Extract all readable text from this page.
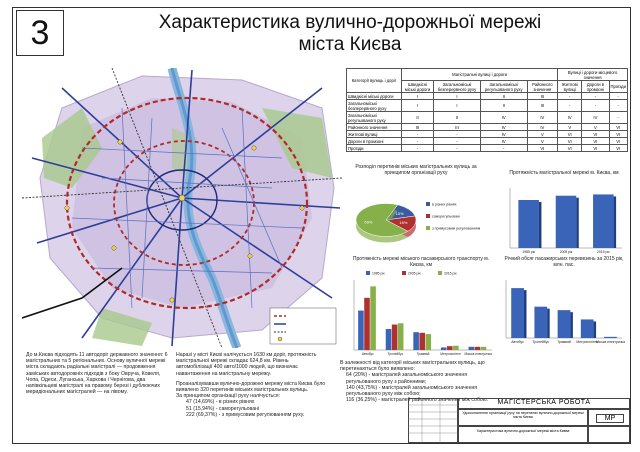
3	Характеристика вулично-дорожньої мережі
міста Києва
Категорії вулиць і доріг	Магістральні вулиці і дороги				Вулиці і дороги місцевого значення		
	Швидкісні міські дороги	Загальноміські безперервного руху	Загальноміські регульованого руху	Районного значення	Житлові вулиці	Дороги в промзоні	Проїзди
Швидкісні міські дороги	I	I	II	III	-	-	-
Загальноміські безперервного руху	I	I	II	III	-	-	-
Загальноміські регульованого руху	II	II	IV	IV	IV	IV	-
Районного значення	III	III	IV	IV	V	V	VI
Житлові вулиці	-	-	IV	V	VI	VI	VI
Дороги в промзоні	-	-	IV	V	VI	VI	VI
Проїзди	-	-	-	VI	VI	VI	VI
Розподіл перетинів міських магістральних вулиць за принципом організації руху
15%
16%
69%
в різних рівнях
саморегульовані
з примусовим регулюванням
Протяжність магістральної мережі м. Києва, км
1985 рік	2005 рік	2015 рік
Протяжність мережі міського пасажирського транспорту м. Києва, км
1985 рік	2005 рік	2015 рік
Автобус	Тролейбус	Трамвай	Метрополітен Міська електричка
Річний обсяг пасажирських перевезень за 2015 рік, млн. пас.
Автобус	Тролейбус Трамвай Метрополітен
Міська електричка
До м.Києва підходять 11 автодоріг державного значення: 6 магістральних та 5 регіональних. Основу вуличної мережі міста складають радіальні магістралі — продовження заміських автодорожніх підходів з боку Овруча, Ковеля, Чопа, Одеси, Луганська, Харкова і Чернігова, два напівкільцеві магістралі на правому березі і дублюючих меридіональних магістралей — на лівому.

Наразі у місті Києві налічується 1630 км доріг, протяжність магістральної мережі складає 624,8 км. Рівень автомобілізації 400 авто/1000 людей, що визначає навантаження на магістральну мережу.

Проаналізувавши вулично-дорожню мережу міста Києва було виявлено 320 перетинів міських магістральних вулиць.

За принципом організації руху налічується:

47 (14,69%) - в різних рівнях

51 (15,94%) - саморегульовані

222 (69,37%) - з примусовим регулюванням руху.

В залежності від категорії міських магістральних вулиць, що перетинаються було виявлено:

64 (20%) - магістралей загальноміського значення регульованого руху з районними;

140 (43,75%) - магістралей загальноміського значення регульованого руху між собою;

116 (36,25%) - магістралей районного значення між собою.	МАГІСТЕРСЬКА РОБОТА
Удосконалення організації руху на перетинах вулично-дорожньої мережі міста Києва	МР
Характеристика вулично-дорожньої мережі міста Києва
